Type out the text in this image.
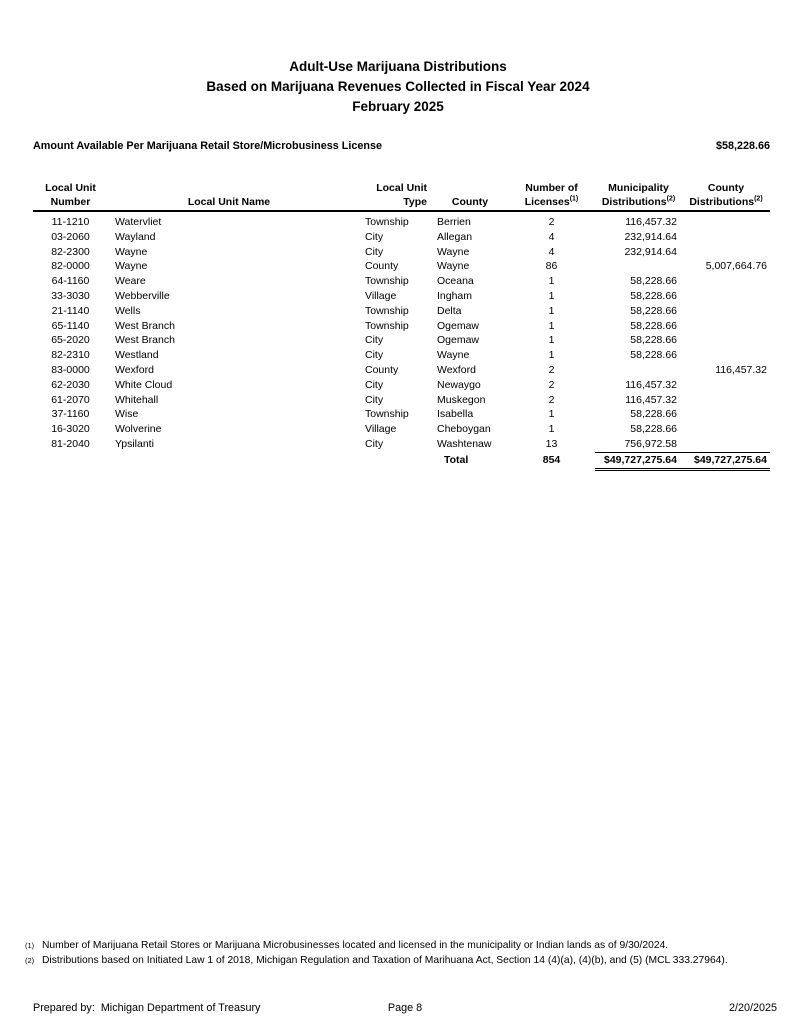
Adult-Use Marijuana Distributions
Based on Marijuana Revenues Collected in Fiscal Year 2024
February 2025
Amount Available Per Marijuana Retail Store/Microbusiness License	$58,228.66
Local Unit		Local Unit		Number of	Municipality	County
Number	Local Unit Name	Type	County	Licenses$^{(1)}$	Distributions$^{(2)}$	Distributions$^{(2)}$
11-1210	Watervliet	Township	Berrien	2	116,457.32	
03-2060	Wayland	City	Allegan	4	232,914.64	
82-2300	Wayne	City	Wayne	4	232,914.64	
82-0000	Wayne	County	Wayne	86		5,007,664.76
64-1160	Weare	Township	Oceana	1	58,228.66	
33-3030	Webberville	Village	Ingham	1	58,228.66	
21-1140	Wells	Township	Delta	1	58,228.66	
65-1140	West Branch	Township	Ogemaw	1	58,228.66	
65-2020	West Branch	City	Ogemaw	1	58,228.66	
82-2310	Westland	City	Wayne	1	58,228.66	
83-0000	Wexford	County	Wexford	2		116,457.32
62-2030	White Cloud	City	Newaygo	2	116,457.32	
61-2070	Whitehall	City	Muskegon	2	116,457.32	
37-1160	Wise	Township	Isabella	1	58,228.66	
16-3020	Wolverine	Village	Cheboygan	1	58,228.66	
81-2040	Ypsilanti	City	Washtenaw	13	756,972.58	
			Total	854	$49,727,275.64	$49,727,275.64
(1) Number of Marijuana Retail Stores or Marijuana Microbusinesses located and licensed in the municipality or Indian lands as of 9/30/2024.
(2) Distributions based on Initiated Law 1 of 2018, Michigan Regulation and Taxation of Marihuana Act, Section 14 (4)(a), (4)(b), and (5) (MCL 333.27964).
Prepared by:  Michigan Department of Treasury	Page 8	2/20/2025
